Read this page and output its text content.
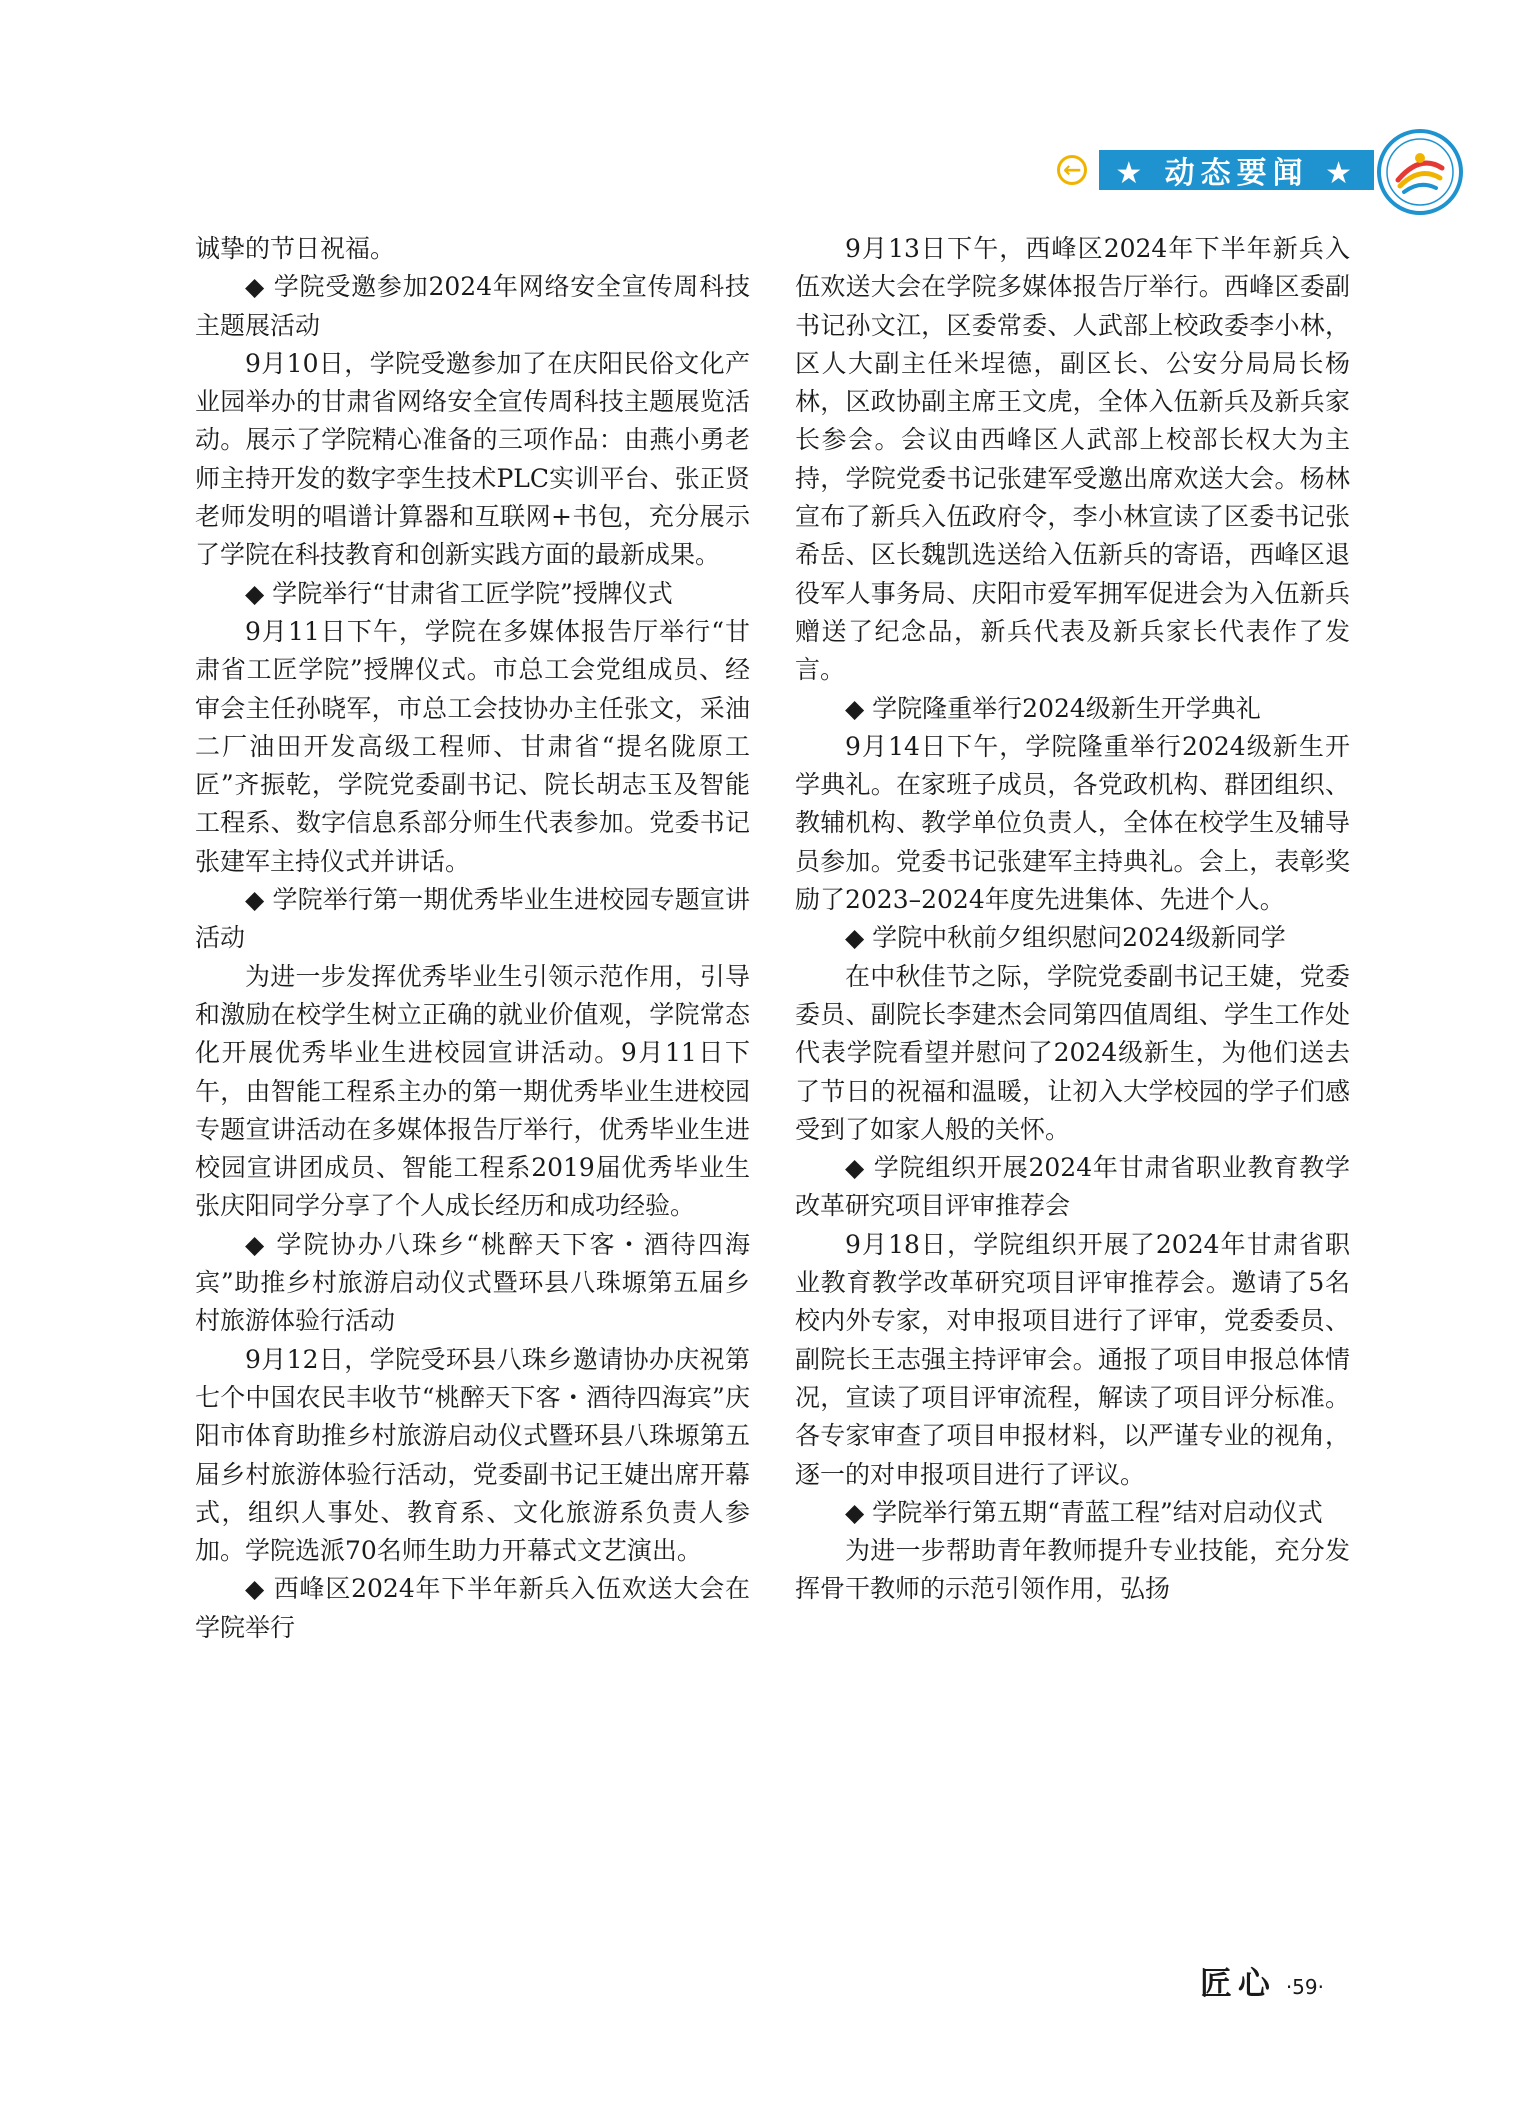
← ★ 动态要闻 ★

诚挚的节日祝福。

◆ 学院受邀参加2024年网络安全宣传周科技主题展活动

9月10日，学院受邀参加了在庆阳民俗文化产业园举办的甘肃省网络安全宣传周科技主题展览活动。展示了学院精心准备的三项作品：由燕小勇老师主持开发的数字孪生技术PLC实训平台、张正贤老师发明的唱谱计算器和互联网+书包，充分展示了学院在科技教育和创新实践方面的最新成果。

◆ 学院举行“甘肃省工匠学院”授牌仪式

9月11日下午，学院在多媒体报告厅举行“甘肃省工匠学院”授牌仪式。市总工会党组成员、经审会主任孙晓军，市总工会技协办主任张文，采油二厂油田开发高级工程师、甘肃省“提名陇原工匠”齐振乾，学院党委副书记、院长胡志玉及智能工程系、数字信息系部分师生代表参加。党委书记张建军主持仪式并讲话。

◆ 学院举行第一期优秀毕业生进校园专题宣讲活动

为进一步发挥优秀毕业生引领示范作用，引导和激励在校学生树立正确的就业价值观，学院常态化开展优秀毕业生进校园宣讲活动。9月11日下午，由智能工程系主办的第一期优秀毕业生进校园专题宣讲活动在多媒体报告厅举行，优秀毕业生进校园宣讲团成员、智能工程系2019届优秀毕业生张庆阳同学分享了个人成长经历和成功经验。

◆ 学院协办八珠乡“桃醉天下客・酒待四海宾”助推乡村旅游启动仪式暨环县八珠塬第五届乡村旅游体验行活动

9月12日，学院受环县八珠乡邀请协办庆祝第七个中国农民丰收节“桃醉天下客・酒待四海宾”庆阳市体育助推乡村旅游启动仪式暨环县八珠塬第五届乡村旅游体验行活动，党委副书记王婕出席开幕式，组织人事处、教育系、文化旅游系负责人参加。学院选派70名师生助力开幕式文艺演出。

◆ 西峰区2024年下半年新兵入伍欢送大会在学院举行

9月13日下午，西峰区2024年下半年新兵入伍欢送大会在学院多媒体报告厅举行。西峰区委副书记孙文江，区委常委、人武部上校政委李小林，区人大副主任米埕德，副区长、公安分局局长杨林，区政协副主席王文虎，全体入伍新兵及新兵家长参会。会议由西峰区人武部上校部长权大为主持，学院党委书记张建军受邀出席欢送大会。杨林宣布了新兵入伍政府令，李小林宣读了区委书记张希岳、区长魏凯选送给入伍新兵的寄语，西峰区退役军人事务局、庆阳市爱军拥军促进会为入伍新兵赠送了纪念品，新兵代表及新兵家长代表作了发言。

◆ 学院隆重举行2024级新生开学典礼

9月14日下午，学院隆重举行2024级新生开学典礼。在家班子成员，各党政机构、群团组织、教辅机构、教学单位负责人，全体在校学生及辅导员参加。党委书记张建军主持典礼。会上，表彰奖励了2023–2024年度先进集体、先进个人。

◆ 学院中秋前夕组织慰问2024级新同学

在中秋佳节之际，学院党委副书记王婕，党委委员、副院长李建杰会同第四值周组、学生工作处代表学院看望并慰问了2024级新生，为他们送去了节日的祝福和温暖，让初入大学校园的学子们感受到了如家人般的关怀。

◆ 学院组织开展2024年甘肃省职业教育教学改革研究项目评审推荐会

9月18日，学院组织开展了2024年甘肃省职业教育教学改革研究项目评审推荐会。邀请了5名校内外专家，对申报项目进行了评审，党委委员、副院长王志强主持评审会。通报了项目申报总体情况，宣读了项目评审流程，解读了项目评分标准。各专家审查了项目申报材料，以严谨专业的视角，逐一的对申报项目进行了评议。

◆ 学院举行第五期“青蓝工程”结对启动仪式

为进一步帮助青年教师提升专业技能，充分发挥骨干教师的示范引领作用，弘扬

匠心 ·59·
